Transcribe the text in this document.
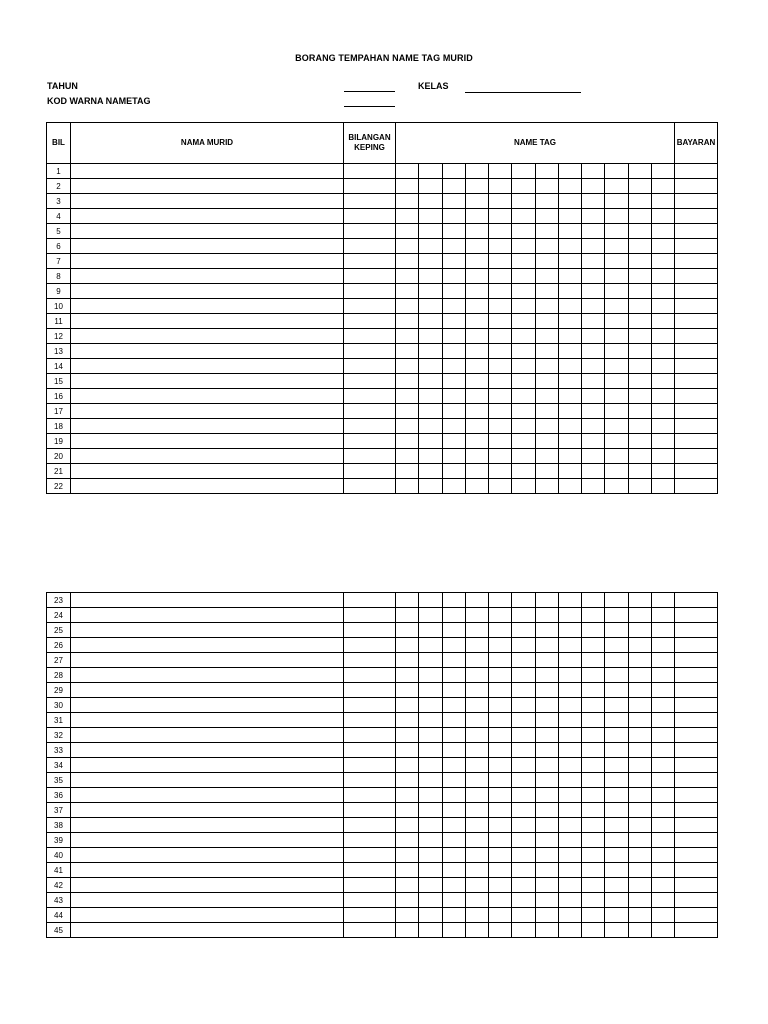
BORANG TEMPAHAN NAME TAG MURID
TAHUN
KOD WARNA NAMETAG
KELAS
BIL	NAMA MURID	BILANGAN KEPING	NAME TAG												BAYARAN
1															
2															
3															
4															
5															
6															
7															
8															
9															
10															
11															
12															
13															
14															
15															
16															
17															
18															
19															
20															
21															
22															
23															
24															
25															
26															
27															
28															
29															
30															
31															
32															
33															
34															
35															
36															
37															
38															
39															
40															
41															
42															
43															
44															
45															
